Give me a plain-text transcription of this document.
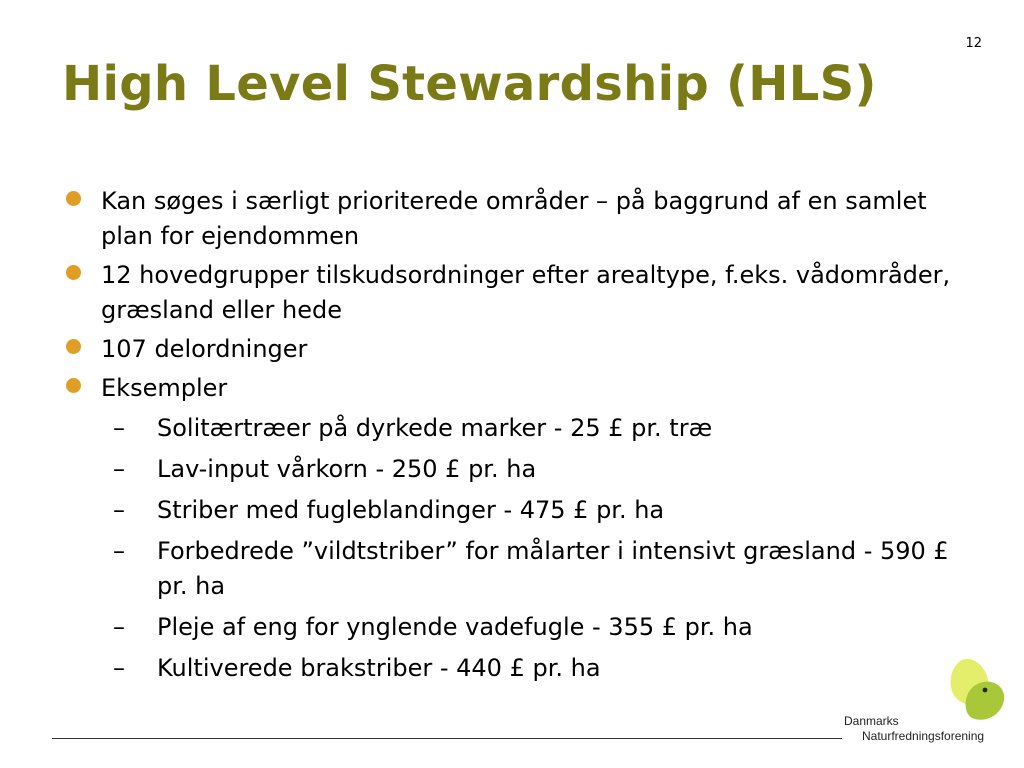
12
High Level Stewardship (HLS)
Kan søges i særligt prioriterede områder – på baggrund af en samlet plan for ejendommen
12 hovedgrupper tilskudsordninger efter arealtype, f.eks. vådområder, græsland eller hede
107 delordninger
Eksempler
– Solitærtræer på dyrkede marker - 25 £ pr. træ
– Lav-input vårkorn - 250 £ pr. ha
– Striber med fugleblandinger - 475 £ pr. ha
– Forbedrede ”vildtstriber” for målarter i intensivt græsland - 590 £ pr. ha
– Pleje af eng for ynglende vadefugle - 355 £ pr. ha
– Kultiverede brakstriber - 440 £ pr. ha
Danmarks
Naturfredningsforening
